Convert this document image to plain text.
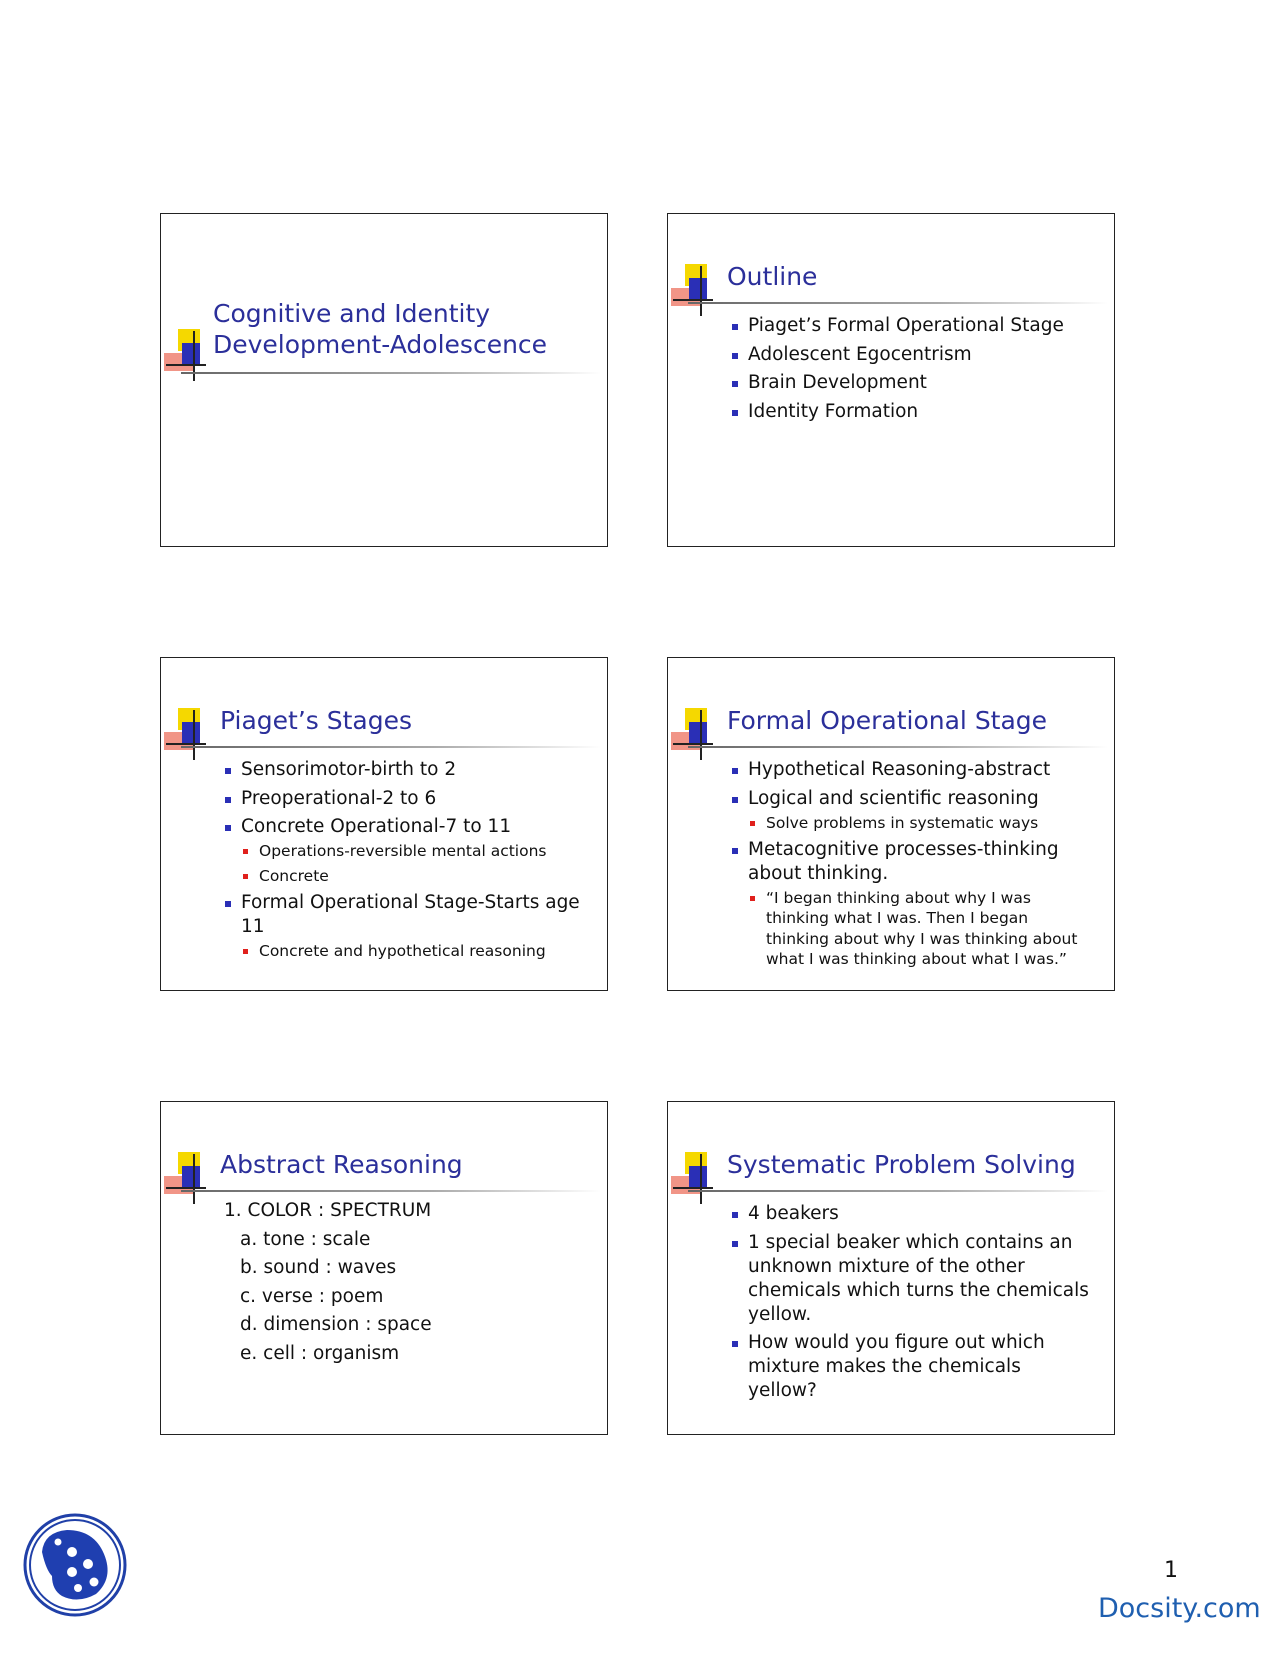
Cognitive and Identity
Development-Adolescence
Outline
Piaget’s Formal Operational Stage
Adolescent Egocentrism
Brain Development
Identity Formation
Piaget’s Stages
Sensorimotor-birth to 2
Preoperational-2 to 6
Concrete Operational-7 to 11
Operations-reversible mental actions
Concrete
Formal Operational Stage-Starts age 11
Concrete and hypothetical reasoning
Formal Operational Stage
Hypothetical Reasoning-abstract
Logical and scientific reasoning
Solve problems in systematic ways
Metacognitive processes-thinking about thinking.
“I began thinking about why I was thinking what I was. Then I began thinking about why I was thinking about what I was thinking about what I was.”
Abstract Reasoning
1. COLOR : SPECTRUM
a. tone : scale
b. sound : waves
c. verse : poem
d. dimension : space
e. cell : organism
Systematic Problem Solving
4 beakers
1 special beaker which contains an unknown mixture of the other chemicals which turns the chemicals yellow.
How would you figure out which mixture makes the chemicals yellow?
1
Docsity.com
